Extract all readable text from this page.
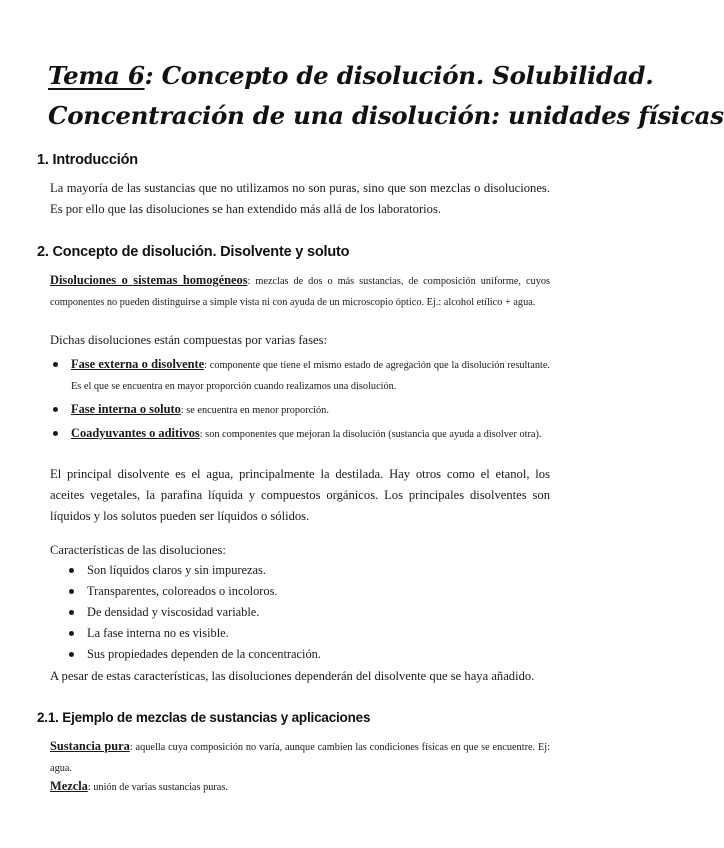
Tema 6: Concepto de disolución. Solubilidad.
Concentración de una disolución: unidades físicas
1. Introducción

La mayoría de las sustancias que no utilizamos no son puras, sino que son mezclas o disoluciones. Es por ello que las disoluciones se han extendido más allá de los laboratorios.

2. Concepto de disolución. Disolvente y soluto

Disoluciones o sistemas homogéneos: mezclas de dos o más sustancias, de composición uniforme, cuyos componentes no pueden distinguirse a simple vista ni con ayuda de un microscopio óptico. Ej.: alcohol etílico + agua.

Dichas disoluciones están compuestas por varias fases:

Fase externa o disolvente: componente que tiene el mismo estado de agregación que la disolución resultante. Es el que se encuentra en mayor proporción cuando realizamos una disolución.
Fase interna o soluto: se encuentra en menor proporción.
Coadyuvantes o aditivos: son componentes que mejoran la disolución (sustancia que ayuda a disolver otra).

El principal disolvente es el agua, principalmente la destilada. Hay otros como el etanol, los aceites vegetales, la parafina líquida y compuestos orgánicos. Los principales disolventes son líquidos y los solutos pueden ser líquidos o sólidos.

Características de las disoluciones:

Son líquidos claros y sin impurezas.
Transparentes, coloreados o incoloros.
De densidad y viscosidad variable.
La fase interna no es visible.
Sus propiedades dependen de la concentración.

A pesar de estas características, las disoluciones dependerán del disolvente que se haya añadido.

2.1. Ejemplo de mezclas de sustancias y aplicaciones

Sustancia pura: aquella cuya composición no varía, aunque cambien las condiciones físicas en que se encuentre. Ej: agua.

Mezcla: unión de varias sustancias puras.
